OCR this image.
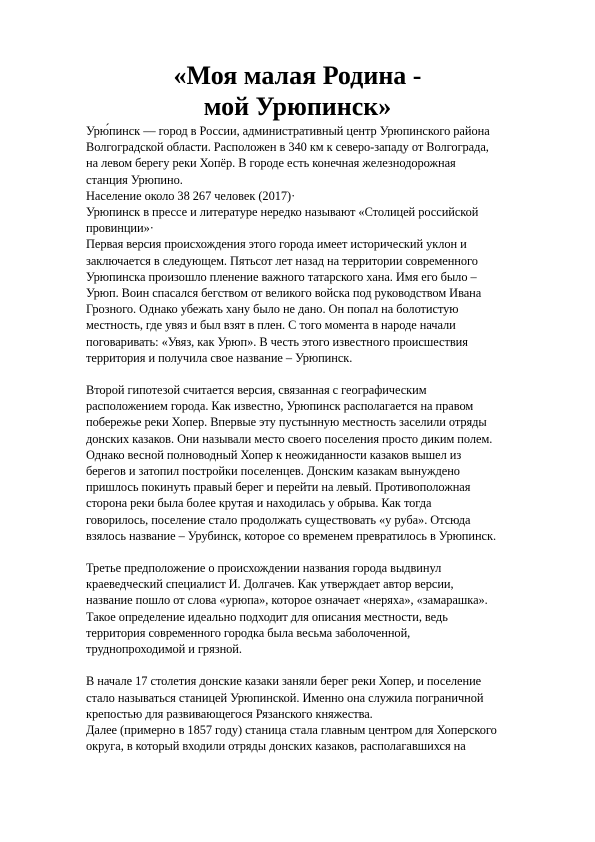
«Моя малая Родина -
мой Урюпинск»

Урю́пинск — город в России, административный центр Урюпинского района
Волгоградской области. Расположен в 340 км к северо-западу от Волгограда,
на левом берегу реки Хопёр. В городе есть конечная железнодорожная
станция Урюпино.

Население около 38 267 человек (2017)·

Урюпинск в прессе и литературе нередко называют «Столицей российской
провинции»·

Первая версия происхождения этого города имеет исторический уклон и
заключается в следующем. Пятьсот лет назад на территории современного
Урюпинска произошло пленение важного татарского хана. Имя его было –
Урюп. Воин спасался бегством от великого войска под руководством Ивана
Грозного. Однако убежать хану было не дано. Он попал на болотистую
местность, где увяз и был взят в плен. С того момента в народе начали
поговаривать: «Увяз, как Урюп». В честь этого известного происшествия
территория и получила свое название – Урюпинск.

Второй гипотезой считается версия, связанная с географическим
расположением города. Как известно, Урюпинск располагается на правом
побережье реки Хопер. Впервые эту пустынную местность заселили отряды
донских казаков. Они называли место своего поселения просто диким полем.
Однако весной полноводный Хопер к неожиданности казаков вышел из
берегов и затопил постройки поселенцев. Донским казакам вынуждено
пришлось покинуть правый берег и перейти на левый. Противоположная
сторона реки была более крутая и находилась у обрыва. Как тогда
говорилось, поселение стало продолжать существовать «у руба». Отсюда
взялось название – Урубинск, которое со временем превратилось в Урюпинск.

Третье предположение о происхождении названия города выдвинул
краеведческий специалист И. Долгачев. Как утверждает автор версии,
название пошло от слова «урюпа», которое означает «неряха», «замарашка».
Такое определение идеально подходит для описания местности, ведь
территория современного городка была весьма заболоченной,
труднопроходимой и грязной.

В начале 17 столетия донские казаки заняли берег реки Хопер, и поселение
стало называться станицей Урюпинской. Именно она служила пограничной
крепостью для развивающегося Рязанского княжества.

Далее (примерно в 1857 году) станица стала главным центром для Хоперского
округа, в который входили отряды донских казаков, располагавшихся на
